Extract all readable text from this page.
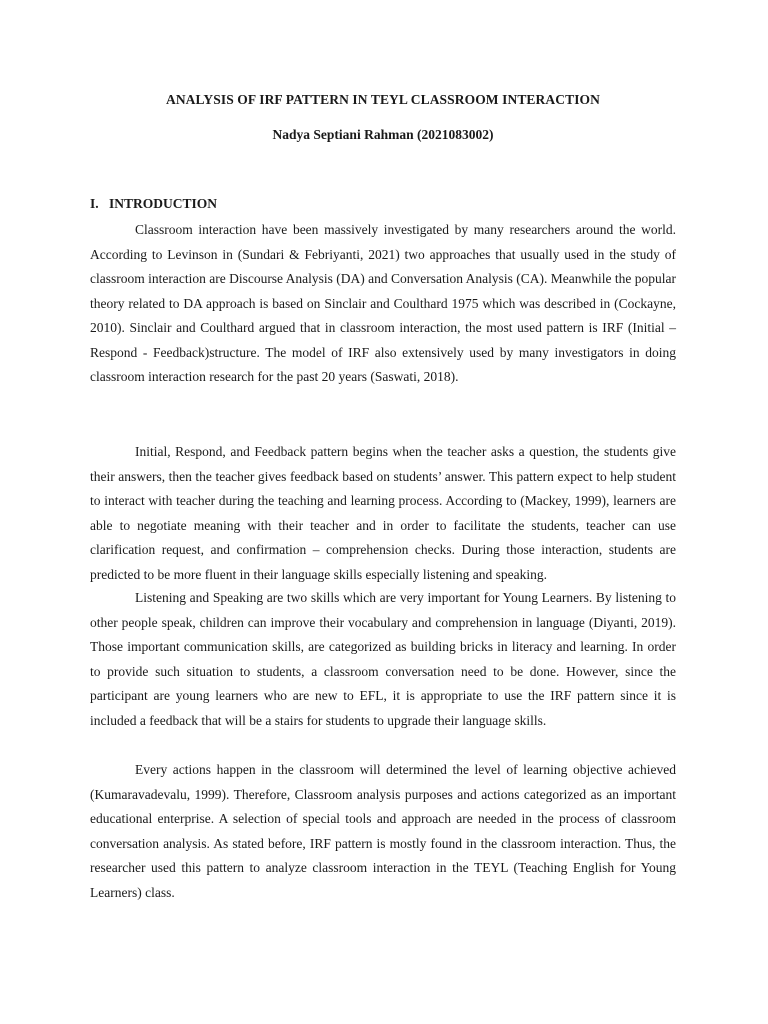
ANALYSIS OF IRF PATTERN IN TEYL CLASSROOM INTERACTION
Nadya Septiani Rahman (2021083002)
I. INTRODUCTION

Classroom interaction have been massively investigated by many researchers around the world. According to Levinson in (Sundari & Febriyanti, 2021) two approaches that usually used in the study of classroom interaction are Discourse Analysis (DA) and Conversation Analysis (CA). Meanwhile the popular theory related to DA approach is based on Sinclair and Coulthard 1975 which was described in (Cockayne, 2010). Sinclair and Coulthard argued that in classroom interaction, the most used pattern is IRF (Initial – Respond - Feedback)structure. The model of IRF also extensively used by many investigators in doing classroom interaction research for the past 20 years (Saswati, 2018).

Initial, Respond, and Feedback pattern begins when the teacher asks a question, the students give their answers, then the teacher gives feedback based on students’ answer. This pattern expect to help student to interact with teacher during the teaching and learning process. According to (Mackey, 1999), learners are able to negotiate meaning with their teacher and in order to facilitate the students, teacher can use clarification request, and confirmation – comprehension checks. During those interaction, students are predicted to be more fluent in their language skills especially listening and speaking.

Listening and Speaking are two skills which are very important for Young Learners. By listening to other people speak, children can improve their vocabulary and comprehension in language (Diyanti, 2019). Those important communication skills, are categorized as building bricks in literacy and learning. In order to provide such situation to students, a classroom conversation need to be done. However, since the participant are young learners who are new to EFL, it is appropriate to use the IRF pattern since it is included a feedback that will be a stairs for students to upgrade their language skills.

Every actions happen in the classroom will determined the level of learning objective achieved (Kumaravadevalu, 1999). Therefore, Classroom analysis purposes and actions categorized as an important educational enterprise. A selection of special tools and approach are needed in the process of classroom conversation analysis. As stated before, IRF pattern is mostly found in the classroom interaction. Thus, the researcher used this pattern to analyze classroom interaction in the TEYL (Teaching English for Young Learners) class.
